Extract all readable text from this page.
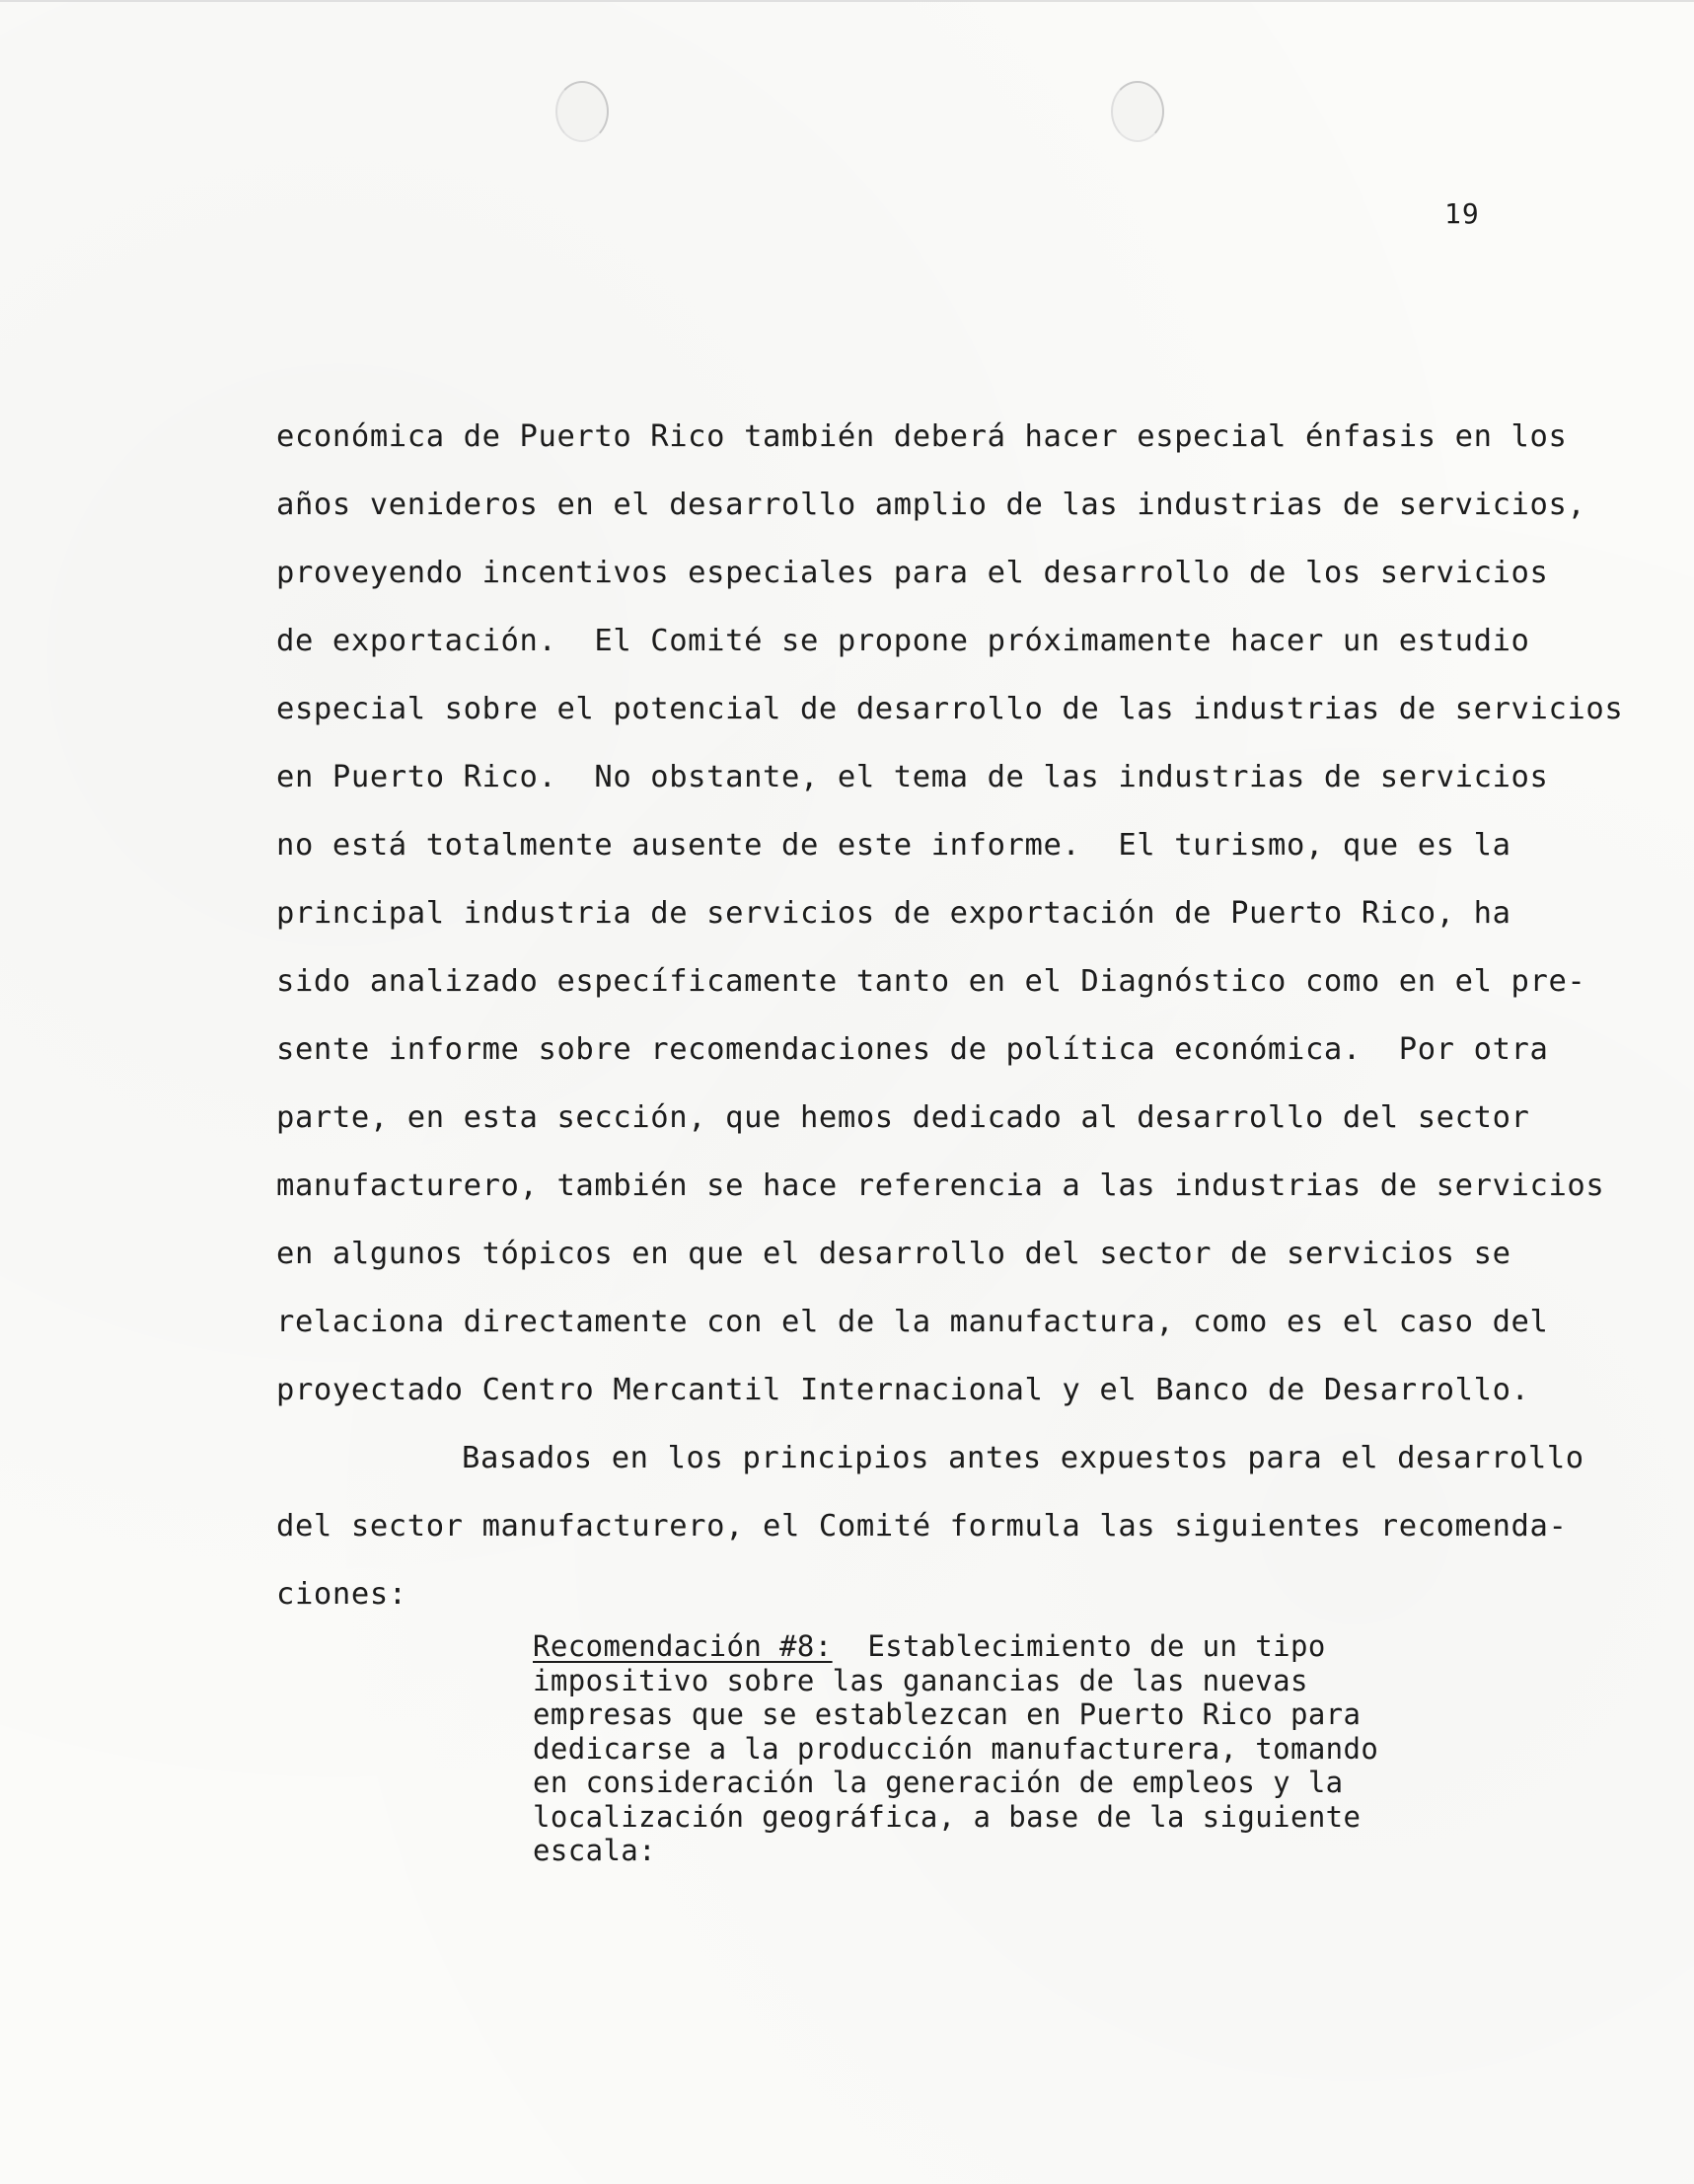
19
económica de Puerto Rico también deberá hacer especial énfasis en los
años venideros en el desarrollo amplio de las industrias de servicios,
proveyendo incentivos especiales para el desarrollo de los servicios
de exportación.  El Comité se propone próximamente hacer un estudio
especial sobre el potencial de desarrollo de las industrias de servicios
en Puerto Rico.  No obstante, el tema de las industrias de servicios
no está totalmente ausente de este informe.  El turismo, que es la
principal industria de servicios de exportación de Puerto Rico, ha
sido analizado específicamente tanto en el Diagnóstico como en el pre-
sente informe sobre recomendaciones de política económica.  Por otra
parte, en esta sección, que hemos dedicado al desarrollo del sector
manufacturero, también se hace referencia a las industrias de servicios
en algunos tópicos en que el desarrollo del sector de servicios se
relaciona directamente con el de la manufactura, como es el caso del
proyectado Centro Mercantil Internacional y el Banco de Desarrollo.
Basados en los principios antes expuestos para el desarrollo
del sector manufacturero, el Comité formula las siguientes recomenda-
ciones:
Recomendación #8:  Establecimiento de un tipo
impositivo sobre las ganancias de las nuevas
empresas que se establezcan en Puerto Rico para
dedicarse a la producción manufacturera, tomando
en consideración la generación de empleos y la
localización geográfica, a base de la siguiente
escala:
